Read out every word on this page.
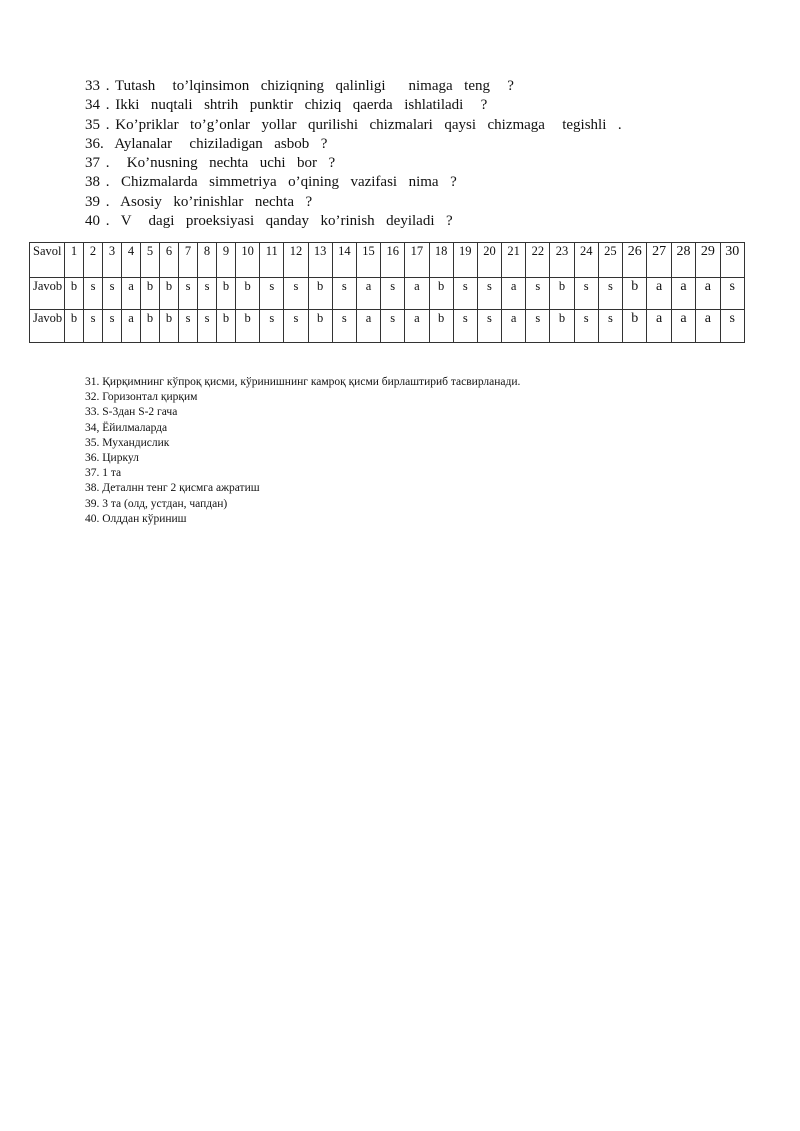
33 . Tutash   to’lqinsimon  chiziqning  qalinligi    nimaga  teng   ?
34 . Ikki  nuqtali  shtrih  punktir  chiziq  qaerda  ishlatiladi   ?
35 . Ko’priklar  to’g’onlar  yollar  qurilishi  chizmalari  qaysi  chizmaga   tegishli  .
36.  Aylanalar   chiziladigan  asbob  ?
37 .   Ko’nusning  nechta  uchi  bor  ?
38 .  Chizmalarda  simmetriya  o’qining  vazifasi  nima  ?
39 .  Asosiy  ko’rinishlar  nechta  ?
40 .  V   dagi  proeksiyasi  qanday  ko’rinish  deyiladi  ?
Savol	1	2	3	4	5	6	7	8	9	10	11	12	13	14	15	16	17	18	19	20	21	22	23	24	25	26	27	28	29	30

Javob	b	s	s	a	b	b	s	s	b	b	s	s	b	s	a	s	a	b	s	s	a	s	b	s	s	b	a	a	a	s

Javob	b	s	s	a	b	b	s	s	b	b	s	s	b	s	a	s	a	b	s	s	a	s	b	s	s	b	a	a	a	s
31. Қирқимнинг кўпроқ қисми, кўринишнинг камроқ қисми бирлаштириб тасвирланади.
32. Горизонтал қирқим
33. S-3дан S-2 гача
34, Ёйилмаларда
35. Мухандислик
36. Циркул
37. 1 та
38. Деталнн тенг 2 қисмга ажратиш
39. 3 та (олд, устдан, чапдан)
40. Олддан кўриниш
